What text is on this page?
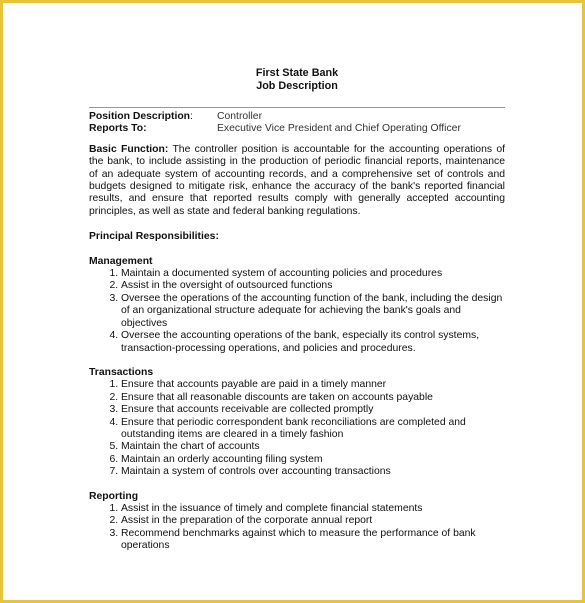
First State Bank
Job Description
Position Description:	Controller
Reports To:	Executive Vice President and Chief Operating Officer
Basic Function: The controller position is accountable for the accounting operations of the bank, to include assisting in the production of periodic financial reports, maintenance of an adequate system of accounting records, and a comprehensive set of controls and budgets designed to mitigate risk, enhance the accuracy of the bank's reported financial results, and ensure that reported results comply with generally accepted accounting principles, as well as state and federal banking regulations.
Principal Responsibilities:
Management
1. Maintain a documented system of accounting policies and procedures
2. Assist in the oversight of outsourced functions
3. Oversee the operations of the accounting function of the bank, including the design of an organizational structure adequate for achieving the bank's goals and objectives
4. Oversee the accounting operations of the bank, especially its control systems, transaction-processing operations, and policies and procedures.
Transactions
1. Ensure that accounts payable are paid in a timely manner
2. Ensure that all reasonable discounts are taken on accounts payable
3. Ensure that accounts receivable are collected promptly
4. Ensure that periodic correspondent bank reconciliations are completed and outstanding items are cleared in a timely fashion
5. Maintain the chart of accounts
6. Maintain an orderly accounting filing system
7. Maintain a system of controls over accounting transactions
Reporting
1. Assist in the issuance of timely and complete financial statements
2. Assist in the preparation of the corporate annual report
3. Recommend benchmarks against which to measure the performance of bank operations
